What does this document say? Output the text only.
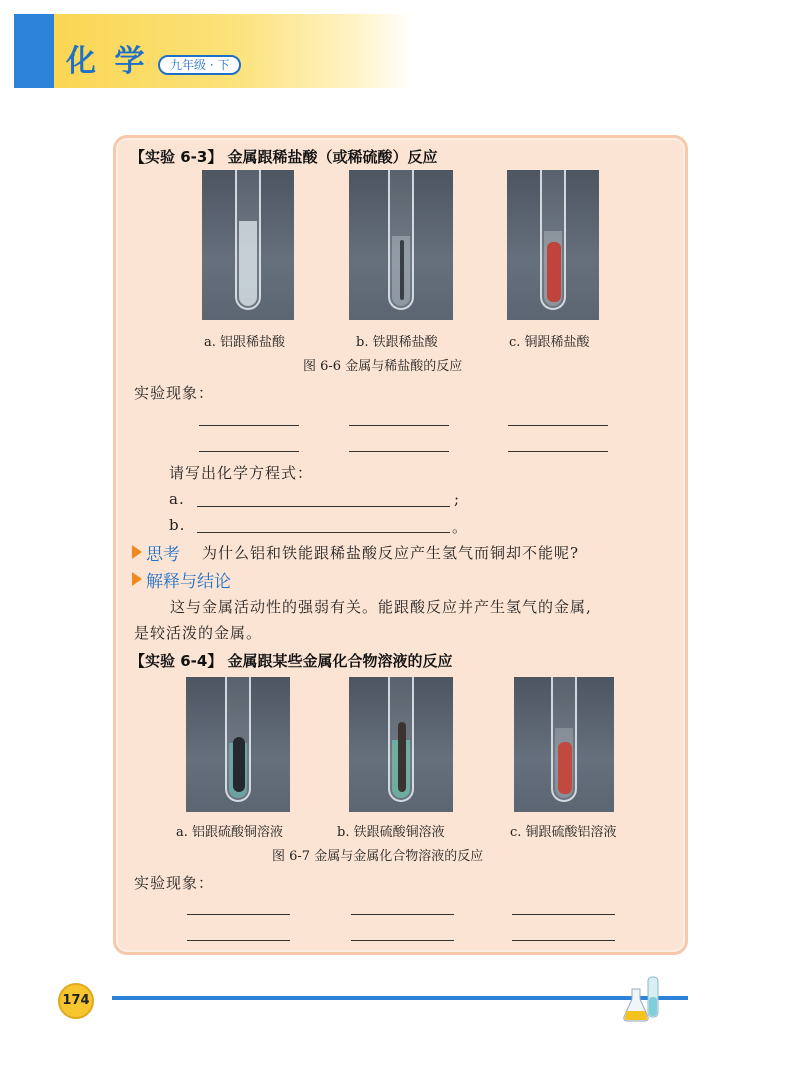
化 学	九年级 · 下
【实验 6-3】 金属跟稀盐酸（或稀硫酸）反应
a. 铝跟稀盐酸	b. 铁跟稀盐酸	c. 铜跟稀盐酸
图 6-6 金属与稀盐酸的反应
实验现象：
请写出化学方程式：
a.	;
b.	。
思考 为什么铝和铁能跟稀盐酸反应产生氢气而铜却不能呢?
解释与结论
这与金属活动性的强弱有关。能跟酸反应并产生氢气的金属,
是较活泼的金属。
【实验 6-4】 金属跟某些金属化合物溶液的反应
a. 铝跟硫酸铜溶液	b. 铁跟硫酸铜溶液	c. 铜跟硫酸铝溶液
图 6-7 金属与金属化合物溶液的反应
实验现象：
174
